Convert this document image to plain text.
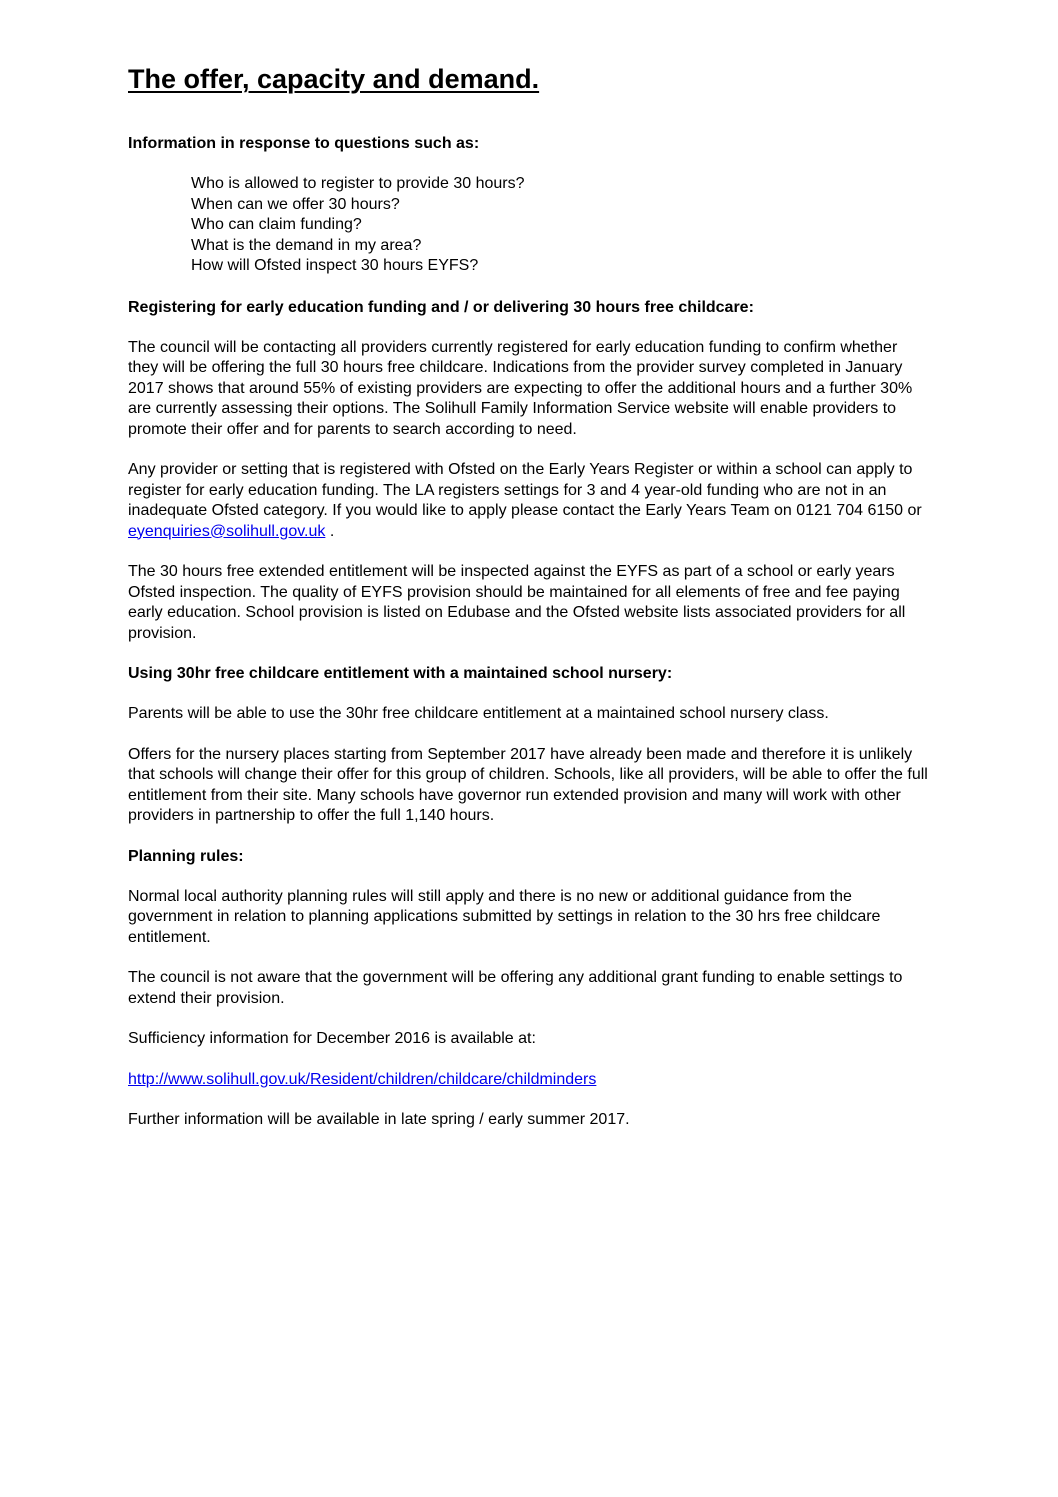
The offer, capacity and demand.

Information in response to questions such as:

Who is allowed to register to provide 30 hours?
When can we offer 30 hours?
Who can claim funding?
What is the demand in my area?
How will Ofsted inspect 30 hours EYFS?

Registering for early education funding and / or delivering 30 hours free childcare:

The council will be contacting all providers currently registered for early education funding to confirm whether they will be offering the full 30 hours free childcare. Indications from the provider survey completed in January 2017 shows that around 55% of existing providers are expecting to offer the additional hours and a further 30% are currently assessing their options. The Solihull Family Information Service website will enable providers to promote their offer and for parents to search according to need.

Any provider or setting that is registered with Ofsted on the Early Years Register or within a school can apply to register for early education funding. The LA registers settings for 3 and 4 year-old funding who are not in an inadequate Ofsted category. If you would like to apply please contact the Early Years Team on 0121 704 6150 or eyenquiries@solihull.gov.uk .

The 30 hours free extended entitlement will be inspected against the EYFS as part of a school or early years Ofsted inspection. The quality of EYFS provision should be maintained for all elements of free and fee paying early education. School provision is listed on Edubase and the Ofsted website lists associated providers for all provision.

Using 30hr free childcare entitlement with a maintained school nursery:

Parents will be able to use the 30hr free childcare entitlement at a maintained school nursery class.

Offers for the nursery places starting from September 2017 have already been made and therefore it is unlikely that schools will change their offer for this group of children. Schools, like all providers, will be able to offer the full entitlement from their site. Many schools have governor run extended provision and many will work with other providers in partnership to offer the full 1,140 hours.

Planning rules:

Normal local authority planning rules will still apply and there is no new or additional guidance from the government in relation to planning applications submitted by settings in relation to the 30 hrs free childcare entitlement.

The council is not aware that the government will be offering any additional grant funding to enable settings to extend their provision.

Sufficiency information for December 2016 is available at:

http://www.solihull.gov.uk/Resident/children/childcare/childminders

Further information will be available in late spring / early summer 2017.
